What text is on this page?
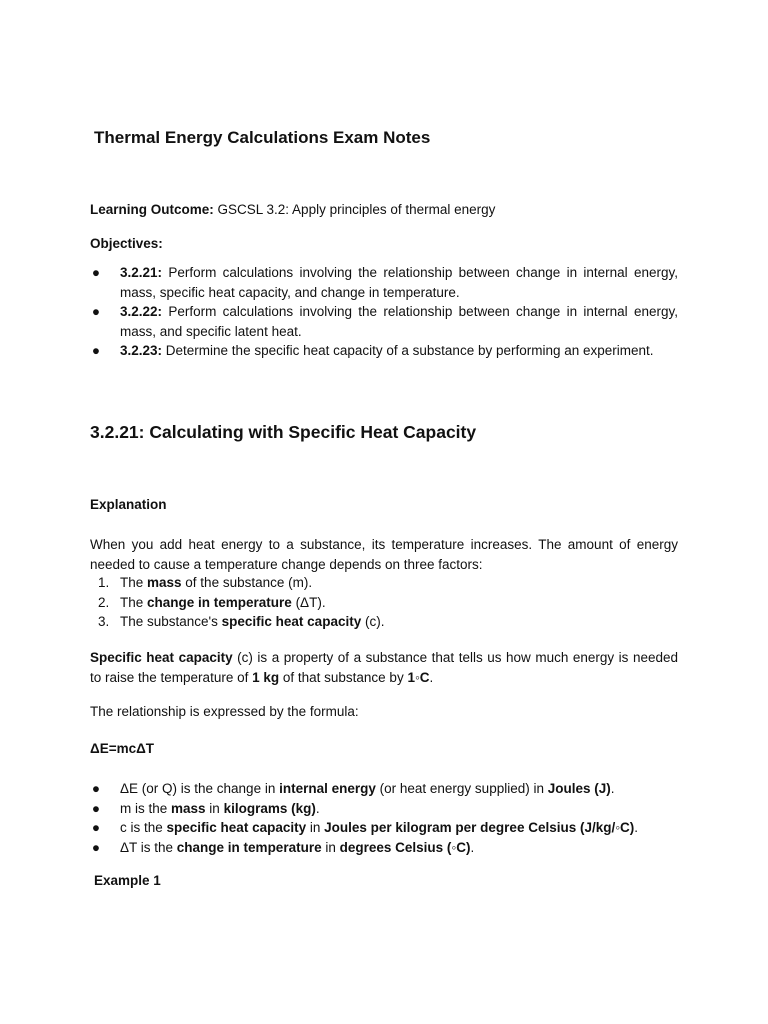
Thermal Energy Calculations Exam Notes

Learning Outcome: GSCSL 3.2: Apply principles of thermal energy

Objectives:

● 3.2.21: Perform calculations involving the relationship between change in internal energy, mass, specific heat capacity, and change in temperature.
● 3.2.22: Perform calculations involving the relationship between change in internal energy, mass, and specific latent heat.
● 3.2.23: Determine the specific heat capacity of a substance by performing an experiment.
3.2.21: Calculating with Specific Heat Capacity

Explanation

When you add heat energy to a substance, its temperature increases. The amount of energy needed to cause a temperature change depends on three factors:

1. The mass of the substance (m).
2. The change in temperature (ΔT).
3. The substance's specific heat capacity (c).

Specific heat capacity (c) is a property of a substance that tells us how much energy is needed to raise the temperature of 1 kg of that substance by 1◦C.

The relationship is expressed by the formula:

ΔE=mcΔT

● ΔE (or Q) is the change in internal energy (or heat energy supplied) in Joules (J).
● m is the mass in kilograms (kg).
● c is the specific heat capacity in Joules per kilogram per degree Celsius (J/kg/◦C).
● ΔT is the change in temperature in degrees Celsius (◦C).

Example 1
